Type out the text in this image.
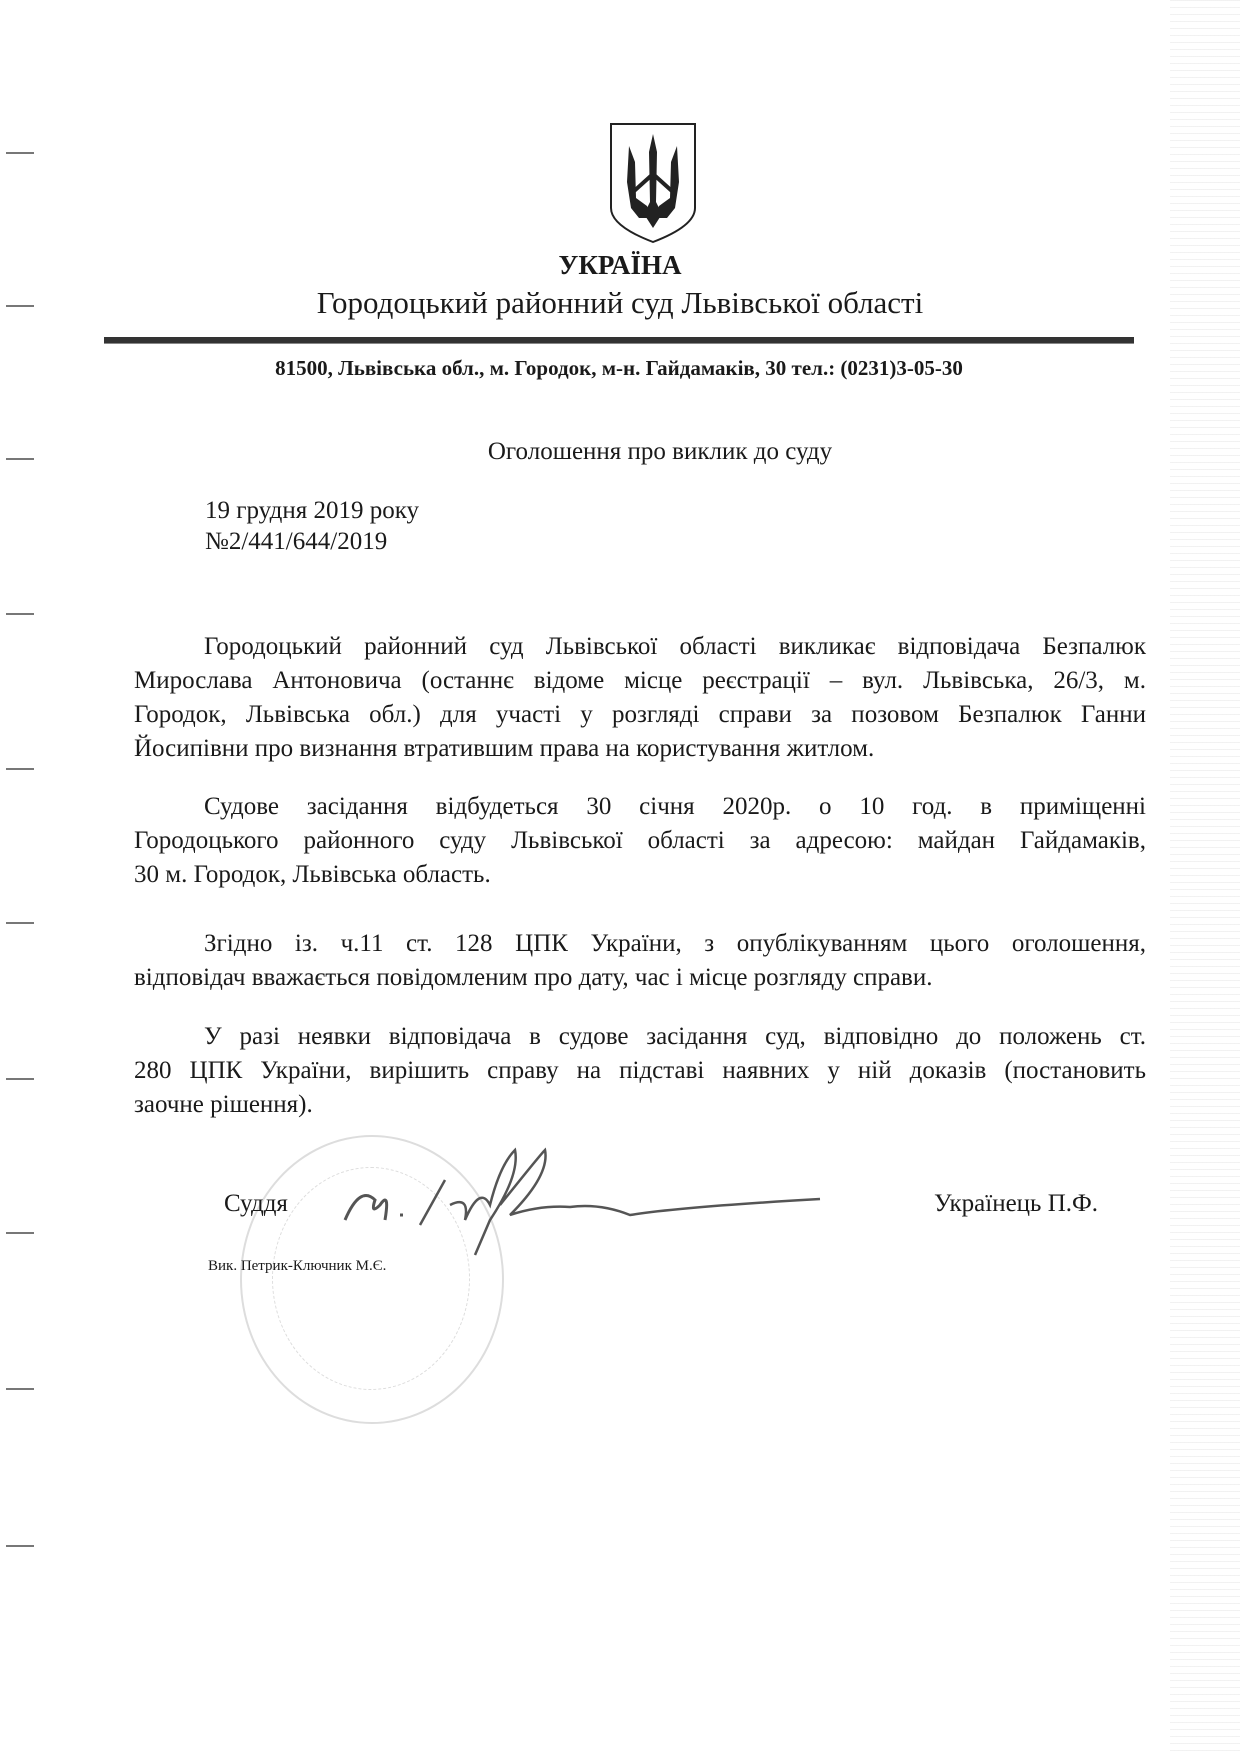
УКРАЇНА
Городоцький районний суд Львівської області
81500, Львівська обл., м. Городок, м-н. Гайдамаків, 30 тел.: (0231)3-05-30
Оголошення про виклик до суду
19 грудня 2019 року
№2/441/644/2019
Городоцький районний суд Львівської області викликає відповідача Безпалюк
Мирослава Антоновича (останнє відоме місце реєстрації – вул. Львівська, 26/3, м.
Городок, Львівська обл.) для участі у розгляді справи за позовом Безпалюк Ганни
Йосипівни про визнання втратившим права на користування житлом.
Судове засідання відбудеться 30 січня 2020р. о 10 год. в приміщенні
Городоцького районного суду Львівської області за адресою: майдан Гайдамаків,
30 м. Городок, Львівська область.
Згідно із. ч.11 ст. 128 ЦПК України, з опублікуванням цього оголошення,
відповідач вважається повідомленим про дату, час і місце розгляду справи.
У разі неявки відповідача в судове засідання суд, відповідно до положень ст.
280 ЦПК України, вирішить справу на підставі наявних у ній доказів (постановить
заочне рішення).
Суддя	Українець П.Ф.
Вик. Петрик-Ключник М.Є.
